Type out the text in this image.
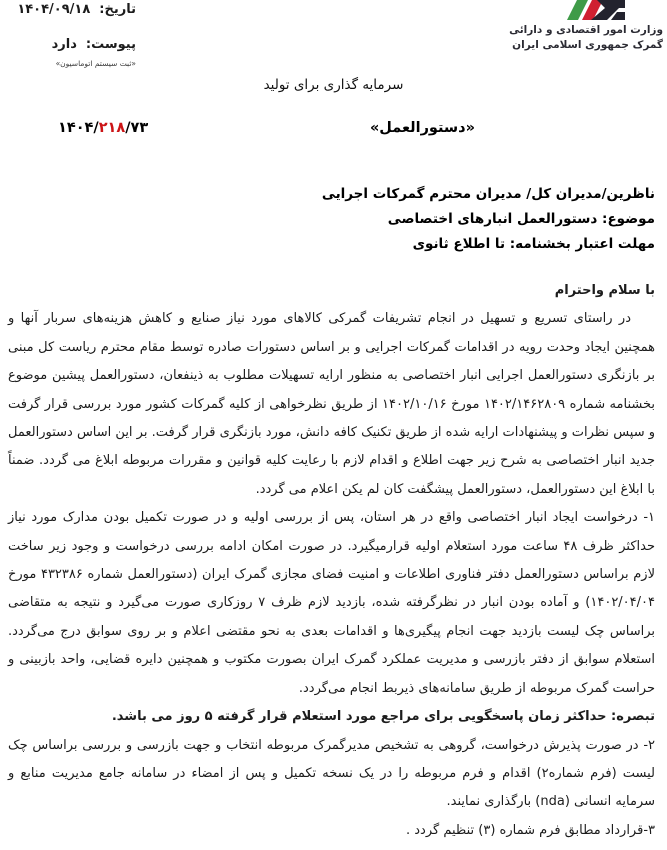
وزارت امور اقتصادی و دارائی
گمرک جمهوری اسلامی ایران
تاریخ:۱۴۰۴/۰۹/۱۸
پیوست:دارد
«ثبت سیستم اتوماسیون»
سرمایه گذاری برای تولید
«دستورالعمل»
۱۴۰۴/۲۱۸/۷۳
ناظرین/مدیران کل/ مدیران محترم گمرکات اجرایی
موضوع: دستورالعمل انبارهای اختصاصی
مهلت اعتبار بخشنامه: تا اطلاع ثانوی
با سلام واحترام

در راستای تسریع و تسهیل در انجام تشریفات گمرکی کالاهای مورد نیاز صنایع و کاهش هزینه‌های سربار آنها و همچنین ایجاد وحدت رویه در اقدامات گمرکات اجرایی و بر اساس دستورات صادره توسط مقام محترم ریاست کل مبنی بر بازنگری دستورالعمل اجرایی انبار اختصاصی به منظور ارایه تسهیلات مطلوب به ذینفعان، دستورالعمل پیشین موضوع بخشنامه شماره ۱۴۰۲/۱۴۶۲۸۰۹ مورخ ۱۴۰۲/۱۰/۱۶ از طریق نظرخواهی از کلیه گمرکات کشور مورد بررسی قرار گرفت و سپس نظرات و پیشنهادات ارایه شده از طریق تکنیک کافه دانش، مورد بازنگری قرار گرفت. بر این اساس دستورالعمل جدید انبار اختصاصی به شرح زیر جهت اطلاع و اقدام لازم با رعایت کلیه قوانین و مقررات مربوطه ابلاغ می گردد. ضمناً با ابلاغ این دستورالعمل، دستورالعمل پیشگفت کان لم یکن اعلام می گردد.

۱- درخواست ایجاد انبار اختصاصی واقع در هر استان، پس از بررسی اولیه و در صورت تکمیل بودن مدارک مورد نیاز حداکثر ظرف ۴۸ ساعت مورد استعلام اولیه قرارمیگیرد. در صورت امکان ادامه بررسی درخواست و وجود زیر ساخت لازم براساس دستورالعمل دفتر فناوری اطلاعات و امنیت فضای مجازی گمرک ایران (دستورالعمل شماره ۴۳۲۳۸۶ مورخ ۱۴۰۲/۰۴/۰۴) و آماده بودن انبار در نظرگرفته شده، بازدید لازم ظرف ۷ روزکاری صورت می‌گیرد و نتیجه به متقاضی براساس چک لیست بازدید جهت انجام پیگیری‌ها و اقدامات بعدی به نحو مقتضی اعلام و بر روی سوابق درج می‌گردد. استعلام سوابق از دفتر بازرسی و مدیریت عملکرد گمرک ایران بصورت مکتوب و همچنین دایره قضایی، واحد بازبینی و حراست گمرک مربوطه از طریق سامانه‌های ذیربط انجام می‌گردد.

تبصره: حداکثر زمان پاسخگویی برای مراجع مورد استعلام قرار گرفته ۵ روز می باشد.

۲- در صورت پذیرش درخواست، گروهی به تشخیص مدیرگمرک مربوطه انتخاب و جهت بازرسی و بررسی براساس چک لیست (فرم شماره۲) اقدام و فرم مربوطه را در یک نسخه تکمیل و پس از امضاء در سامانه جامع مدیریت منابع و سرمایه انسانی (nda) بارگذاری نمایند.

۳-قرارداد مطابق فرم شماره (۳) تنظیم گردد .
